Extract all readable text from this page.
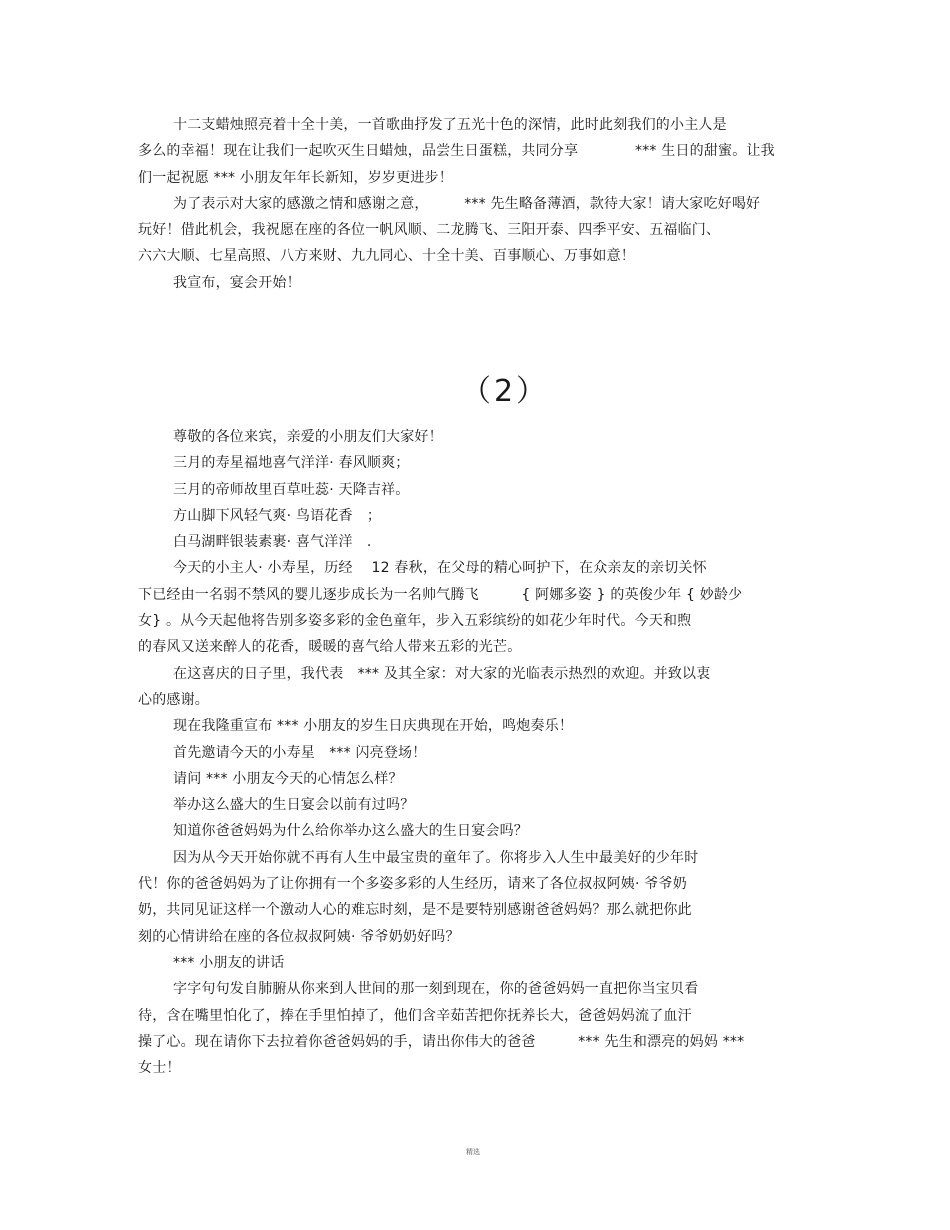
十二支蜡烛照亮着十全十美，一首歌曲抒发了五光十色的深情，此时此刻我们的小主人是
多么的幸福！现在让我们一起吹灭生日蜡烛，品尝生日蛋糕，共同分享　　　　*** 生日的甜蜜。让我
们一起祝愿 *** 小朋友年年长新知，岁岁更进步！
为了表示对大家的感激之情和感谢之意，　　　*** 先生略备薄酒，款待大家！请大家吃好喝好
玩好！借此机会，我祝愿在座的各位一帆风顺、二龙腾飞、三阳开泰、四季平安、五福临门、
六六大顺、七星高照、八方来财、九九同心、十全十美、百事顺心、万事如意！
我宣布，宴会开始！
（2）
尊敬的各位来宾，亲爱的小朋友们大家好！
三月的寿星福地喜气洋洋· 春风顺爽；
三月的帝师故里百草吐蕊· 天降吉祥。
方山脚下风轻气爽· 鸟语花香　；
白马湖畔银装素裹· 喜气洋洋　.
今天的小主人· 小寿星，历经　 12 春秋，在父母的精心呵护下，在众亲友的亲切关怀
下已经由一名弱不禁风的婴儿逐步成长为一名帅气腾飞　　　{ 阿娜多姿 } 的英俊少年 { 妙龄少
女} 。从今天起他将告别多姿多彩的金色童年，步入五彩缤纷的如花少年时代。今天和煦
的春风又送来醉人的花香，暖暖的喜气给人带来五彩的光芒。
在这喜庆的日子里，我代表　*** 及其全家：对大家的光临表示热烈的欢迎。并致以衷
心的感谢。
现在我隆重宣布 *** 小朋友的岁生日庆典现在开始，鸣炮奏乐！
首先邀请今天的小寿星　*** 闪亮登场！
请问 *** 小朋友今天的心情怎么样？
举办这么盛大的生日宴会以前有过吗？
知道你爸爸妈妈为什么给你举办这么盛大的生日宴会吗？
因为从今天开始你就不再有人生中最宝贵的童年了。你将步入人生中最美好的少年时
代！你的爸爸妈妈为了让你拥有一个多姿多彩的人生经历，请来了各位叔叔阿姨· 爷爷奶
奶，共同见证这样一个激动人心的难忘时刻，是不是要特别感谢爸爸妈妈？那么就把你此
刻的心情讲给在座的各位叔叔阿姨· 爷爷奶奶好吗？
*** 小朋友的讲话
字字句句发自肺腑从你来到人世间的那一刻到现在，你的爸爸妈妈一直把你当宝贝看
待，含在嘴里怕化了，捧在手里怕掉了，他们含辛茹苦把你抚养长大，爸爸妈妈流了血汗
操了心。现在请你下去拉着你爸爸妈妈的手，请出你伟大的爸爸　　　*** 先生和漂亮的妈妈 ***
女士！
精选
